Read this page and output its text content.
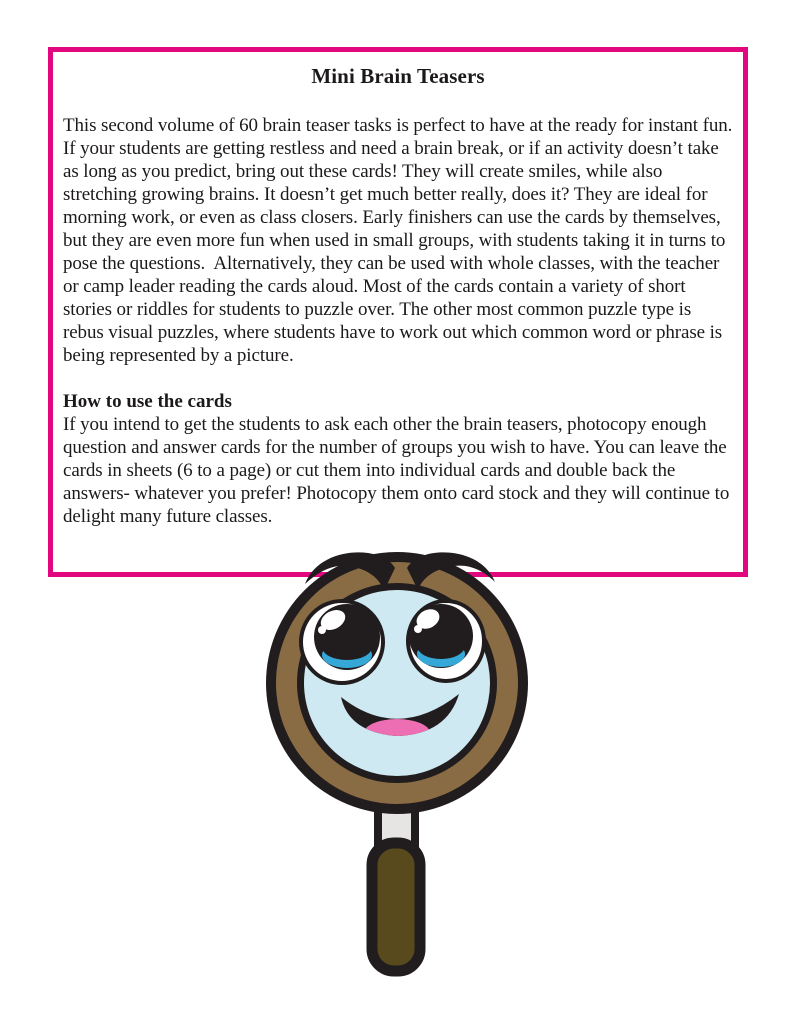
Mini Brain Teasers

This second volume of 60 brain teaser tasks is perfect to have at the ready for instant fun. If your students are getting restless and need a brain break, or if an activity doesn’t take as long as you predict, bring out these cards! They will create smiles, while also stretching growing brains. It doesn’t get much better really, does it? They are ideal for morning work, or even as class closers. Early finishers can use the cards by themselves, but they are even more fun when used in small groups, with students taking it in turns to pose the questions.  Alternatively, they can be used with whole classes, with the teacher or camp leader reading the cards aloud. Most of the cards contain a variety of short stories or riddles for students to puzzle over. The other most common puzzle type is rebus visual puzzles, where students have to work out which common word or phrase is being represented by a picture.

How to use the cards

If you intend to get the students to ask each other the brain teasers, photocopy enough question and answer cards for the number of groups you wish to have. You can leave the cards in sheets (6 to a page) or cut them into individual cards and double back the answers- whatever you prefer! Photocopy them onto card stock and they will continue to delight many future classes.
